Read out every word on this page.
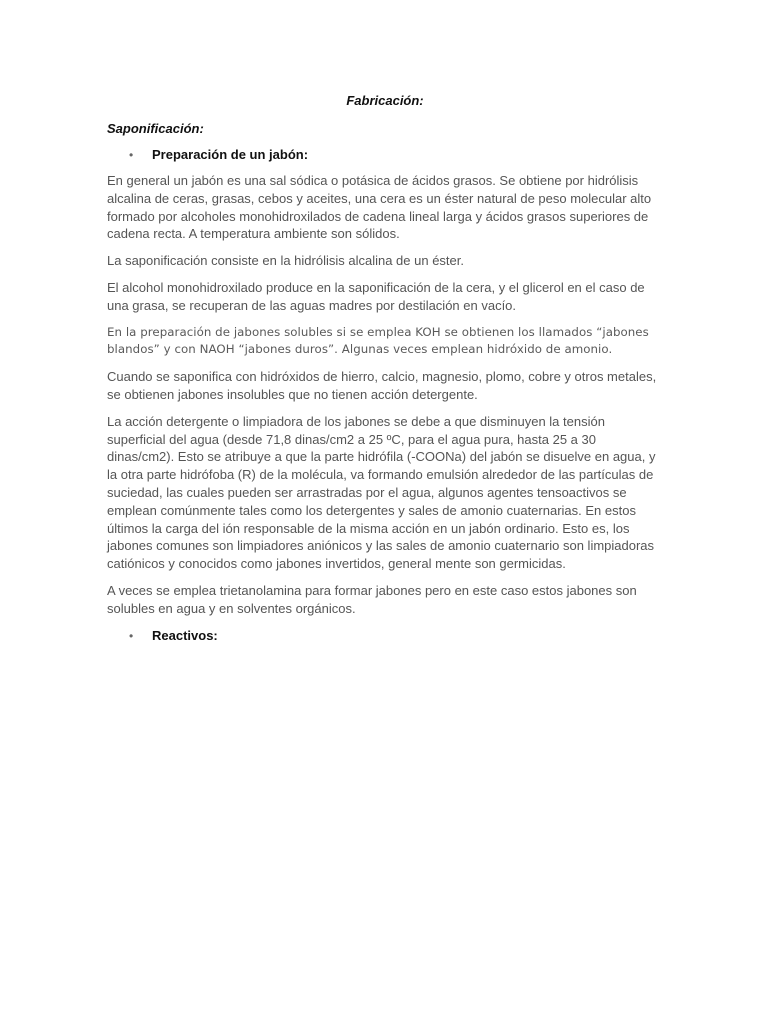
Fabricación:
Saponificación:
•	Preparación de un jabón:

En general un jabón es una sal sódica o potásica de ácidos grasos. Se obtiene por hidrólisis alcalina de ceras, grasas, cebos y aceites, una cera es un éster natural de peso molecular alto formado por alcoholes monohidroxilados de cadena lineal larga y ácidos grasos superiores de cadena recta. A temperatura ambiente son sólidos.

La saponificación consiste en la hidrólisis alcalina de un éster.

El alcohol monohidroxilado produce en la saponificación de la cera, y el glicerol en el caso de una grasa, se recuperan de las aguas madres por destilación en vacío.

En la preparación de jabones solubles si se emplea KOH se obtienen los llamados “jabones blandos” y con NAOH “jabones duros”. Algunas veces emplean hidróxido de amonio.

Cuando se saponifica con hidróxidos de hierro, calcio, magnesio, plomo, cobre y otros metales, se obtienen jabones insolubles que no tienen acción detergente.

La acción detergente o limpiadora de los jabones se debe a que disminuyen la tensión superficial del agua (desde 71,8 dinas/cm2 a 25 ºC, para el agua pura, hasta 25 a 30 dinas/cm2). Esto se atribuye a que la parte hidrófila (-COONa) del jabón se disuelve en agua, y la otra parte hidrófoba (R) de la molécula, va formando emulsión alrededor de las partículas de suciedad, las cuales pueden ser arrastradas por el agua, algunos agentes tensoactivos se emplean comúnmente tales como los detergentes y sales de amonio cuaternarias. En estos últimos la carga del ión responsable de la misma acción en un jabón ordinario. Esto es, los jabones comunes son limpiadores aniónicos y las sales de amonio cuaternario son limpiadoras catiónicos y conocidos como jabones invertidos, general mente son germicidas.

A veces se emplea trietanolamina para formar jabones pero en este caso estos jabones son solubles en agua y en solventes orgánicos.

•	Reactivos:
